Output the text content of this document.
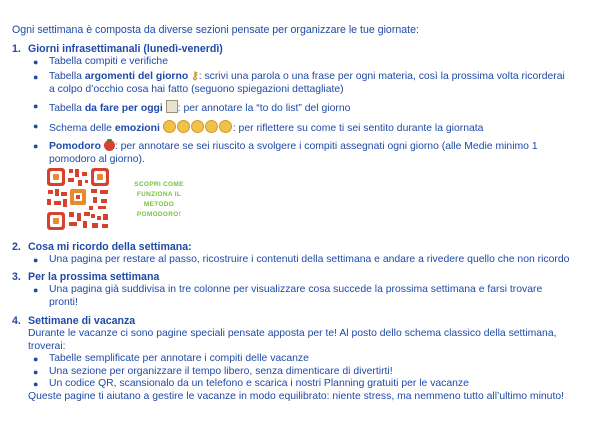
Ogni settimana è composta da diverse sezioni pensate per organizzare le tue giornate:
1. Giorni infrasettimanali (lunedì-venerdì)
● Tabella compiti e verifiche
● Tabella argomenti del giorno ⚷: scrivi una parola o una frase per ogni materia, così la prossima volta ricorderai
a colpo d’occhio cosa hai fatto (seguono spiegazioni dettagliate)
● Tabella da fare per oggi : per annotare la “to do list” del giorno
● Schema delle emozioni	: per riflettere su come ti sei sentito durante la giornata
● Pomodoro : per annotare se sei riuscito a svolgere i compiti assegnati ogni giorno (alle Medie minimo 1
pomodoro al giorno).
SCOPRI COME
FUNZIONA IL
METODO
POMODORO!
2. Cosa mi ricordo della settimana:
● Una pagina per restare al passo, ricostruire i contenuti della settimana e andare a rivedere quello che non ricordo
3. Per la prossima settimana
● Una pagina già suddivisa in tre colonne per visualizzare cosa succede la prossima settimana e farsi trovare
pronti!
4. Settimane di vacanza
Durante le vacanze ci sono pagine speciali pensate apposta per te! Al posto dello schema classico della settimana,
troverai:
● Tabelle semplificate per annotare i compiti delle vacanze
● Una sezione per organizzare il tempo libero, senza dimenticare di divertirti!
● Un codice QR, scansionalo da un telefono e scarica i nostri Planning gratuiti per le vacanze
Queste pagine ti aiutano a gestire le vacanze in modo equilibrato: niente stress, ma nemmeno tutto all’ultimo minuto!
